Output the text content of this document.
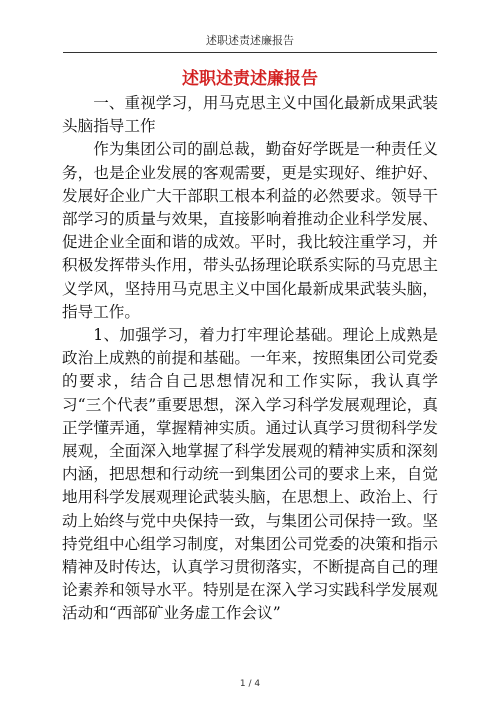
述职述责述廉报告
述职述责述廉报告

一、重视学习，用马克思主义中国化最新成果武装头脑指导工作

作为集团公司的副总裁，勤奋好学既是一种责任义务，也是企业发展的客观需要，更是实现好、维护好、发展好企业广大干部职工根本利益的必然要求。领导干部学习的质量与效果，直接影响着推动企业科学发展、促进企业全面和谐的成效。平时，我比较注重学习，并积极发挥带头作用，带头弘扬理论联系实际的马克思主义学风，坚持用马克思主义中国化最新成果武装头脑，指导工作。

1、加强学习，着力打牢理论基础。理论上成熟是政治上成熟的前提和基础。一年来，按照集团公司党委的要求，结合自己思想情况和工作实际，我认真学习“三个代表”重要思想，深入学习科学发展观理论，真正学懂弄通，掌握精神实质。通过认真学习贯彻科学发展观，全面深入地掌握了科学发展观的精神实质和深刻内涵，把思想和行动统一到集团公司的要求上来，自觉地用科学发展观理论武装头脑，在思想上、政治上、行动上始终与党中央保持一致，与集团公司保持一致。坚持党组中心组学习制度，对集团公司党委的决策和指示精神及时传达，认真学习贯彻落实，不断提高自己的理论素养和领导水平。特别是在深入学习实践科学发展观活动和“西部矿业务虚工作会议”

1 / 4
